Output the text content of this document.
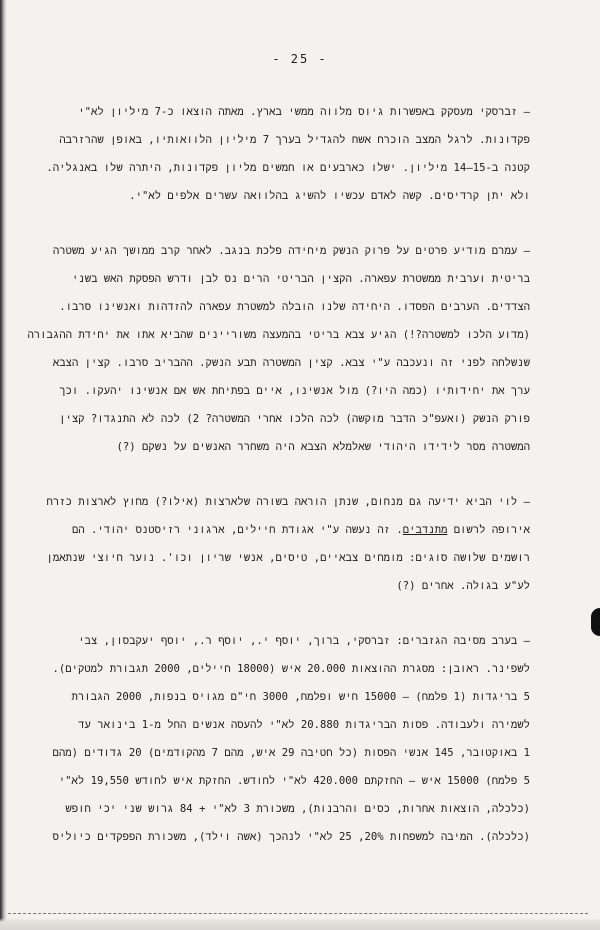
- 25 -

– זברסקי מעסקק באפשרות גיוס מלווה ממשי בארץ. מאתה הוצאו כ-7 מיליון לא"י
פקדונות. לרגל המצב הוכרח אשח להגדיל בערך 7 מיליון הלוואותיו, באופן שהרזרבה
קטנה ב-15–14 מיליון. ישלו כארבעים או חמשים מליון פקדונות, היתרה שלו באנגליה.
ולא יתן קרדיסים. קשה לאדם עכשיו להשיג בהלוואה עשרים אלפים לא"י.

– עמרם מודיע פרטים על פרוק הנשק מיחידה פלכת בנגב. לאחר קרב ממושך הגיע משטרה
בריטית וערבית ממשטרת עפארה. הקצין הבריטי הרים נס לבן ודרש הפסקת האש בשני
הצדדים. הערבים הפסדו. היחידה שלנו הובלה למשטרת עפארה להזדהות ואנשינו סרבו.
(מדוע הלכו למשטרה?!) הגיע צבא בריטי בהמעצה משוריינים שהביא אתו את יחידת ההגבורה
שנשלחה לפני זה ונעכבה ע"י צבא. קצין המשטרה תבע הנשק. ההבריב סרבו. קצין הצבא
ערך את יחידותיו (כמה היו?) מול אנשינו, איים בפתיחת אש אם אנשינו יהעקו. וכך
פורק הנשק (ואעפ"כ הדבר מוקשה) לכה הלכו אחרי המשטרה? 2) לכה לא התנגדו? קצין
המשטרה מסר לידידו היהודי שאלמלא הצבא היה משחרר האנשים על נשקם (?)

– לוי הביא ידיעה גם מנחום, שנתן הוראה בשורה שלארצות (אילו?) מחוץ לארצות כזרח
אירופה לרשום מתנדבים. זה נעשה ע"י אגודת חיילים, ארגוני רזיסטנס יהודי. הם
רושמים שלושה סוגים: מומחים צבאיים, טיסים, אנשי שריון וכו'. נוער חיוצי שנתאמן
לע"ע בגולה. אחרים (?)

– בערב מסיבה הגזברים: זברסקי, ברוך, יוסף י., יוסף ר., יוסף יעקבסון, צבי
לשפינר. ראובן: מסגרת ההוצאות 20.000 איש (18000 חיילים, 2000 תגבורת למטקים).
5 בריגדות (1 פלמח) – 15000 חיש ופלמח, 3000 חי"ם מגויס בנפות, 2000 הגבורת
לשמירה ולעבודה. פסות הבריגדות 20.880 לא"י להעסה אנשים החל מ-1 בינואר עד
1 באוקטובר, 145 אנשי הפסות (כל חטיבה 29 איש, מהם 7 מהקודמים) 20 גדודים (מהם
5 פלמח) 15000 איש – החזקתם 420.000 לא"י לחודש. החזקת איש לחודש 19,550 לא"י
(כלכלה, הוצאות אחרות, כסים והרבנות), משכורת 3 לא"י + 84 גרוש שני יכי חופש
(כלכלה). המיבה למשפחות 20%, 25 לא"י לנהכך (אשה וילד), משכורת הפפקדים כיוליס
